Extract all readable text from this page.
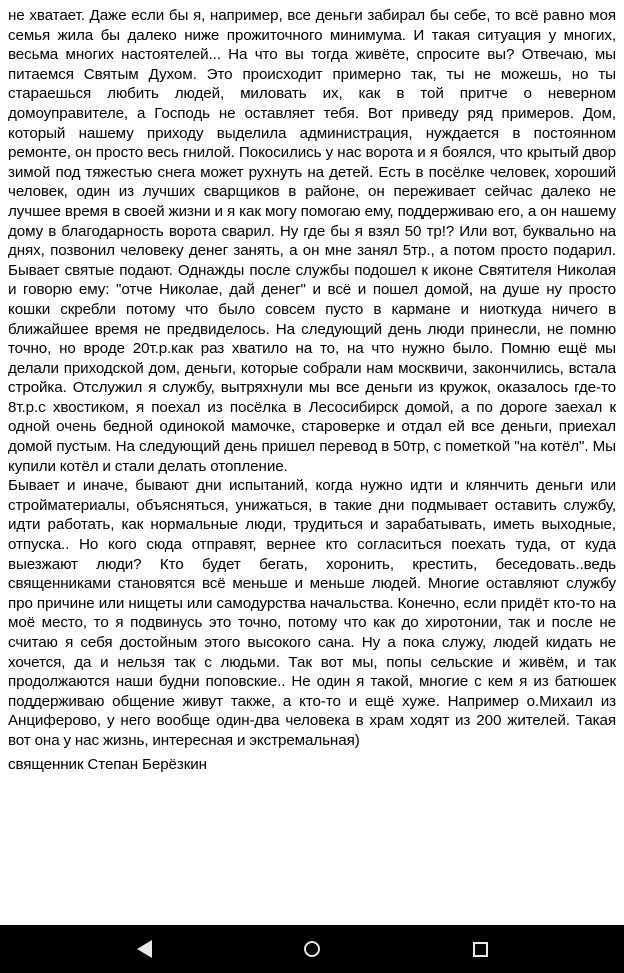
не хватает. Даже если бы я, например, все деньги забирал бы себе, то всё равно моя семья жила бы далеко ниже прожиточного минимума. И такая ситуация у многих, весьма многих настоятелей... На что вы тогда живёте, спросите вы? Отвечаю, мы питаемся Святым Духом. Это происходит примерно так, ты не можешь, но ты стараешься любить людей, миловать их, как в той притче о неверном домоуправителе, а Господь не оставляет тебя. Вот приведу ряд примеров. Дом, который нашему приходу выделила администрация, нуждается в постоянном ремонте, он просто весь гнилой. Покосились у нас ворота и я боялся, что крытый двор зимой под тяжестью снега может рухнуть на детей. Есть в посёлке человек, хороший человек, один из лучших сварщиков в районе, он переживает сейчас далеко не лучшее время в своей жизни и я как могу помогаю ему, поддерживаю его, а он нашему дому в благодарность ворота сварил. Ну где бы я взял 50 тр!? Или вот, буквально на днях, позвонил человеку денег занять, а он мне занял 5тр., а потом просто подарил. Бывает святые подают. Однажды после службы подошел к иконе Святителя Николая и говорю ему: "отче Николае, дай денег" и всё и пошел домой, на душе ну просто кошки скребли потому что было совсем пусто в кармане и ниоткуда ничего в ближайшее время не предвиделось. На следующий день люди принесли, не помню точно, но вроде 20т.р.как раз хватило на то, на что нужно было. Помню ещё мы делали приходской дом, деньги, которые собрали нам москвичи, закончились, встала стройка. Отслужил я службу, вытряхнули мы все деньги из кружок, оказалось где-то 8т.р.с хвостиком, я поехал из посёлка в Лесосибирск домой, а по дороге заехал к одной очень бедной одинокой мамочке, староверке и отдал ей все деньги, приехал домой пустым. На следующий день пришел перевод в 50тр, с пометкой "на котёл". Мы купили котёл и стали делать отопление.

Бывает и иначе, бывают дни испытаний, когда нужно идти и клянчить деньги или стройматериалы, объясняться, унижаться, в такие дни подмывает оставить службу, идти работать, как нормальные люди, трудиться и зарабатывать, иметь выходные, отпуска.. Но кого сюда отправят, вернее кто согласиться поехать туда, от куда выезжают люди? Кто будет бегать, хоронить, крестить, беседовать..ведь священниками становятся всё меньше и меньше людей. Многие оставляют службу про причине или нищеты или самодурства начальства. Конечно, если придёт кто-то на моё место, то я подвинусь это точно, потому что как до хиротонии, так и после не считаю я себя достойным этого высокого сана. Ну а пока служу, людей кидать не хочется, да и нельзя так с людьми. Так вот мы, попы сельские и живём, и так продолжаются наши будни поповские.. Не один я такой, многие с кем я из батюшек поддерживаю общение живут также, а кто-то и ещё хуже. Например о.Михаил из Анциферово, у него вообще один-два человека в храм ходят из 200 жителей. Такая вот она у нас жизнь, интересная и экстремальная)

священник Степан Берёзкин
